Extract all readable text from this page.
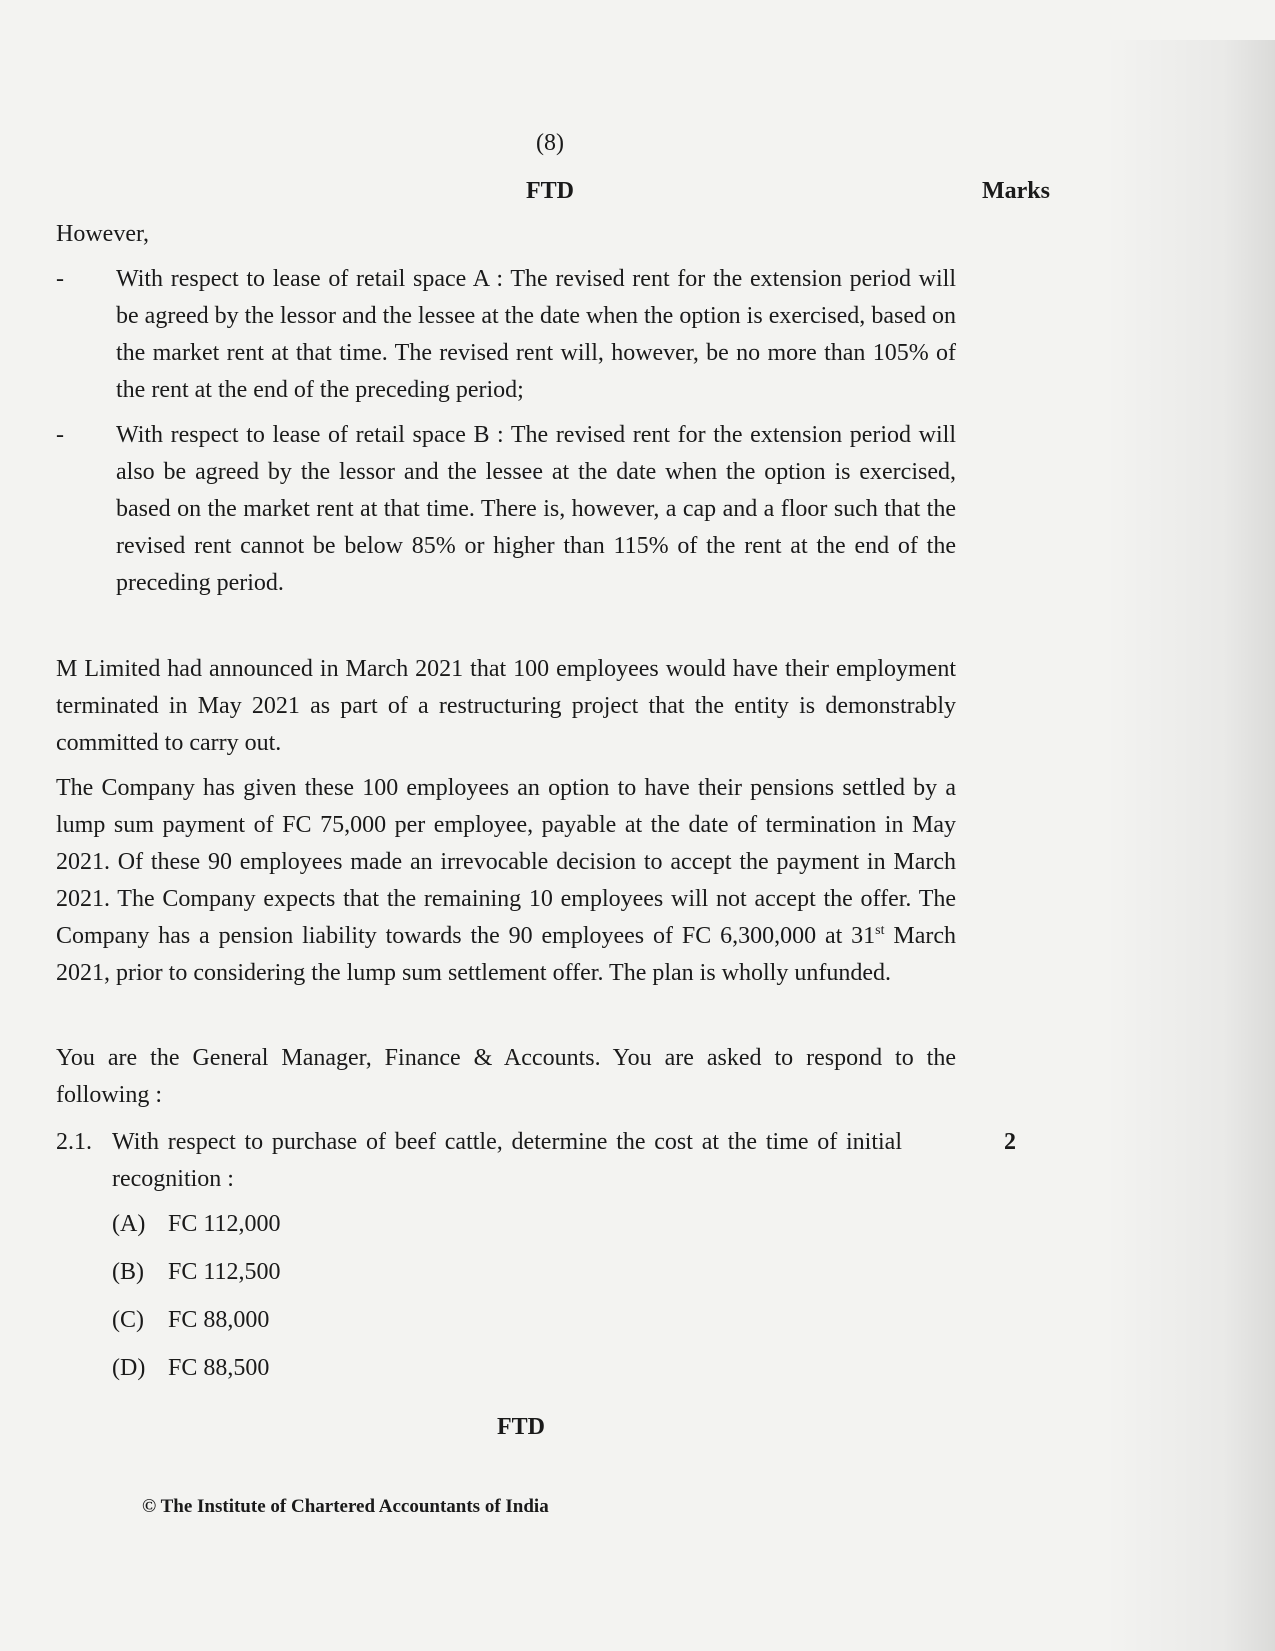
(8)
FTD	Marks
However,
-	With respect to lease of retail space A : The revised rent for the extension period will be agreed by the lessor and the lessee at the date when the option is exercised, based on the market rent at that time. The revised rent will, however, be no more than 105% of the rent at the end of the preceding period;
-	With respect to lease of retail space B : The revised rent for the extension period will also be agreed by the lessor and the lessee at the date when the option is exercised, based on the market rent at that time. There is, however, a cap and a floor such that the revised rent cannot be below 85% or higher than 115% of the rent at the end of the preceding period.
M Limited had announced in March 2021 that 100 employees would have their employment terminated in May 2021 as part of a restructuring project that the entity is demonstrably committed to carry out.
The Company has given these 100 employees an option to have their pensions settled by a lump sum payment of FC 75,000 per employee, payable at the date of termination in May 2021. Of these 90 employees made an irrevocable decision to accept the payment in March 2021. The Company expects that the remaining 10 employees will not accept the offer. The Company has a pension liability towards the 90 employees of FC 6,300,000 at 31st March 2021, prior to considering the lump sum settlement offer. The plan is wholly unfunded.
You are the General Manager, Finance & Accounts. You are asked to respond to the following :
2.1. With respect to purchase of beef cattle, determine the cost at the time of initial recognition :
2
(A) FC 112,000
(B) FC 112,500
(C) FC 88,000
(D) FC 88,500
FTD
© The Institute of Chartered Accountants of India
